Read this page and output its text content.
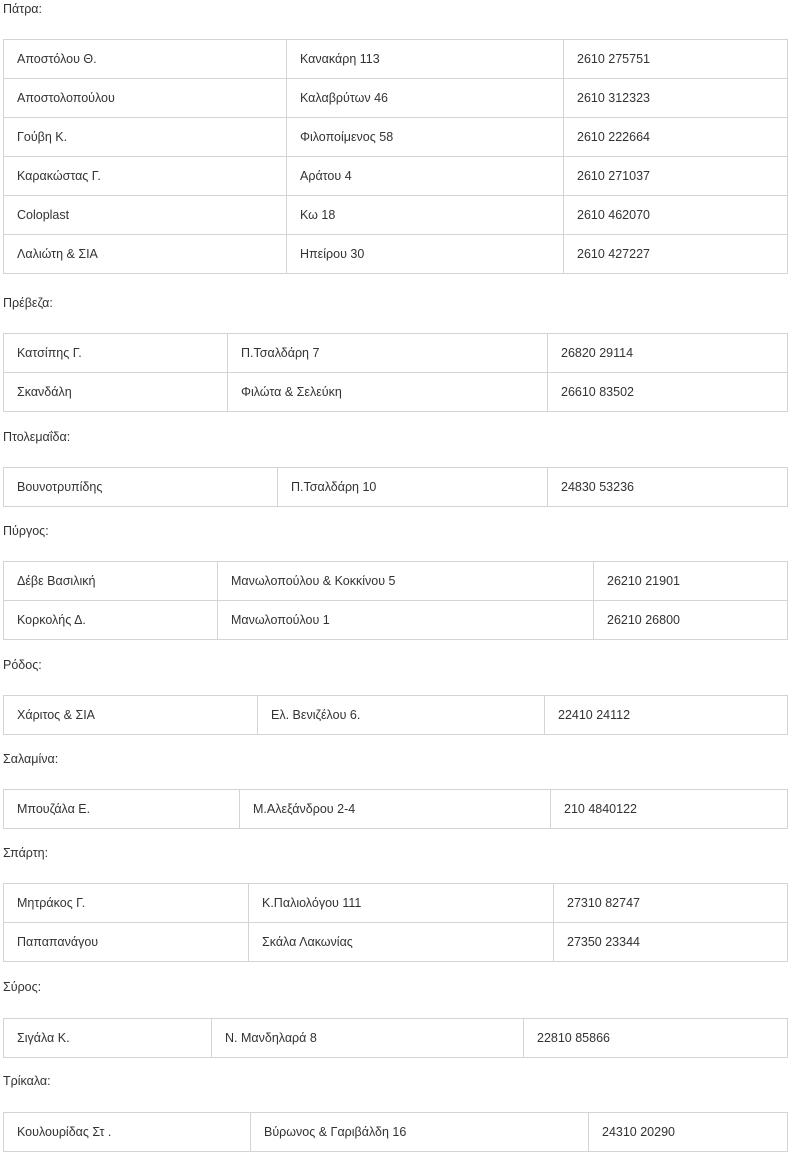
Πάτρα:
Αποστόλου Θ.	Κανακάρη 113	2610 275751
Αποστολοπούλου	Καλαβρύτων 46	2610 312323
Γούβη Κ.	Φιλοποίμενος 58	2610 222664
Καρακώστας Γ.	Αράτου 4	2610 271037
Coloplast	Κω 18	2610 462070
Λαλιώτη & ΣΙΑ	Ηπείρου 30	2610 427227
Πρέβεζα:
Κατσίπης Γ.	Π.Τσαλδάρη 7	26820 29114
Σκανδάλη	Φιλώτα & Σελεύκη	26610 83502
Πτολεμαΐδα:
Βουνοτρυπίδης	Π.Τσαλδάρη 10	24830 53236
Πύργος:
Δέβε Βασιλική	Μανωλοπούλου & Κοκκίνου 5	26210 21901
Κορκολής Δ.	Μανωλοπούλου 1	26210 26800
Ρόδος:
Χάριτος & ΣΙΑ	Ελ. Βενιζέλου 6.	22410 24112
Σαλαμίνα:
Μπουζάλα Ε.	Μ.Αλεξάνδρου 2-4	210 4840122
Σπάρτη:
Μητράκος Γ.	Κ.Παλιολόγου 111	27310 82747
Παπαπανάγου	Σκάλα Λακωνίας	27350 23344
Σύρος:
Σιγάλα Κ.	Ν. Μανδηλαρά 8	22810 85866
Τρίκαλα:
Κουλουρίδας Στ .	Βύρωνος & Γαριβάλδη 16	24310 20290
